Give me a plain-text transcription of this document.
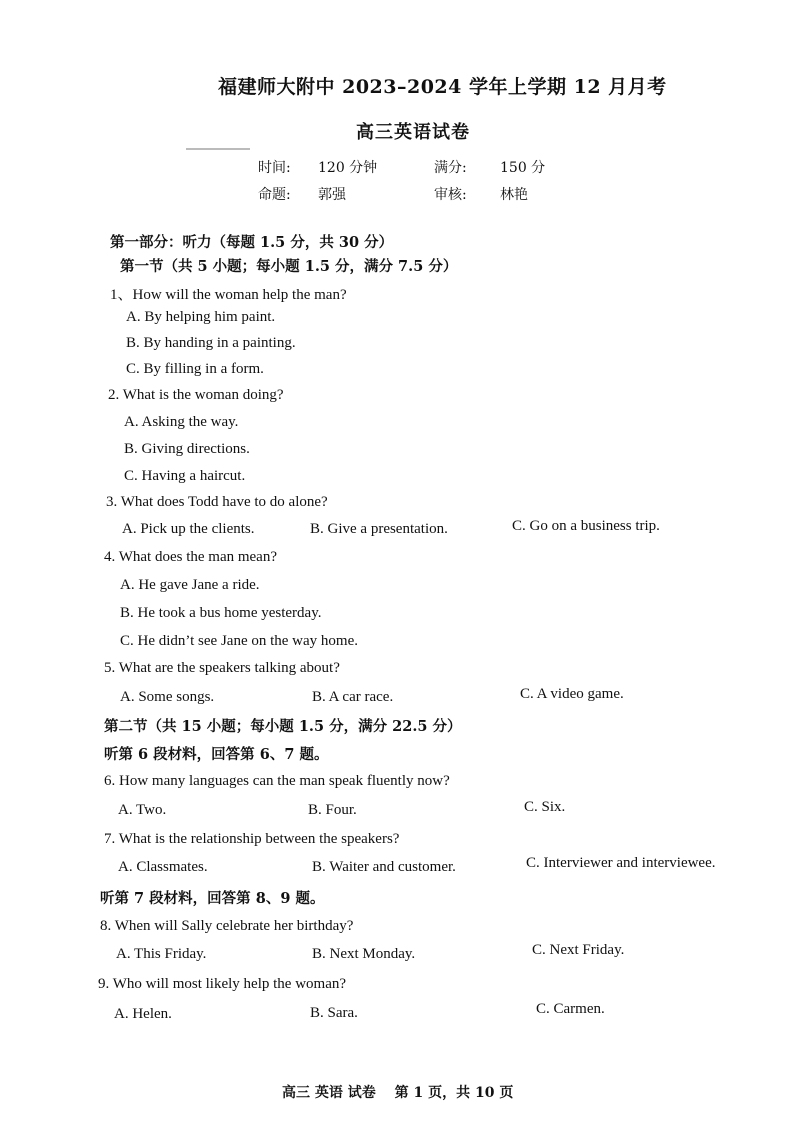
福建师大附中 2023–2024 学年上学期 12 月月考
高三英语试卷
时间: 120 分钟	满分: 150 分
命题: 郭强	审核: 林艳
第一部分：听力（每题 1.5 分，共 30 分）
第一节（共 5 小题；每小题 1.5 分，满分 7.5 分）
1、How will the woman help the man?
A. By helping him paint.
B. By handing in a painting.
C. By filling in a form.
2. What is the woman doing?
A. Asking the way.
B. Giving directions.
C. Having a haircut.
3. What does Todd have to do alone?
A. Pick up the clients.	B. Give a presentation.	C. Go on a business trip.
4. What does the man mean?
A. He gave Jane a ride.
B. He took a bus home yesterday.
C. He didn’t see Jane on the way home.
5. What are the speakers talking about?
A. Some songs.	B. A car race.	C. A video game.
第二节（共 15 小题；每小题 1.5 分，满分 22.5 分）
听第 6 段材料，回答第 6、7 题。
6. How many languages can the man speak fluently now?
A. Two.	B. Four.	C. Six.
7. What is the relationship between the speakers?
A. Classmates.	B. Waiter and customer.	C. Interviewer and interviewee.
听第 7 段材料，回答第 8、9 题。
8. When will Sally celebrate her birthday?
A. This Friday.	B. Next Monday.	C. Next Friday.
9. Who will most likely help the woman?
A. Helen.	B. Sara.	C. Carmen.
高三 英语 试卷　 第 1 页，共 10 页
